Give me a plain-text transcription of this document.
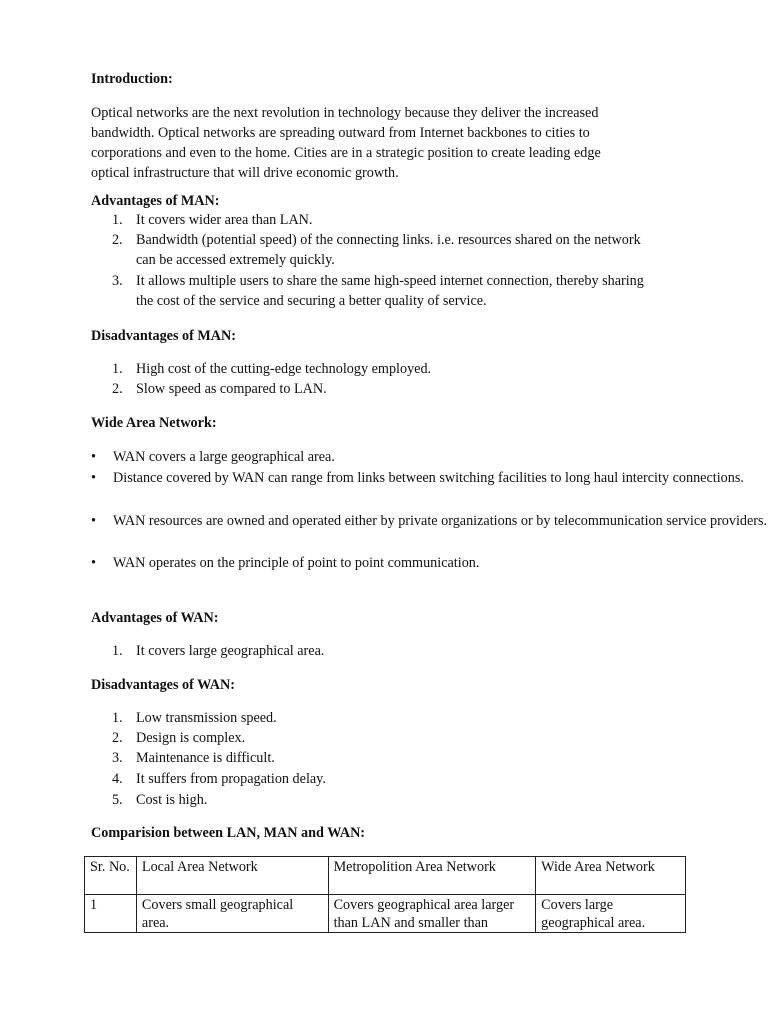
Introduction:

Optical networks are the next revolution in technology because they deliver the increased
bandwidth. Optical networks are spreading outward from Internet backbones to cities to
corporations and even to the home. Cities are in a strategic position to create leading edge
optical infrastructure that will drive economic growth.

Advantages of MAN:

1. It covers wider area than LAN.
2. Bandwidth (potential speed) of the connecting links. i.e. resources shared on the network
can be accessed extremely quickly.
3. It allows multiple users to share the same high-speed internet connection, thereby sharing
the cost of the service and securing a better quality of service.

Disadvantages of MAN:

1. High cost of the cutting-edge technology employed.
2. Slow speed as compared to LAN.

Wide Area Network:

• WAN covers a large geographical area.
• Distance covered by WAN can range from links between switching facilities to long haul intercity connections.
• WAN resources are owned and operated either by private organizations or by telecommunication service providers.
• WAN operates on the principle of point to point communication.

Advantages of WAN:

1. It covers large geographical area.

Disadvantages of WAN:

1. Low transmission speed.
2. Design is complex.
3. Maintenance is difficult.
4. It suffers from propagation delay.
5. Cost is high.

Comparision between LAN, MAN and WAN:

Sr. No.	Local Area Network	Metropolition Area Network	Wide Area Network
1	Covers small geographical area.	Covers geographical area larger than LAN and smaller than	Covers large geographical area.
